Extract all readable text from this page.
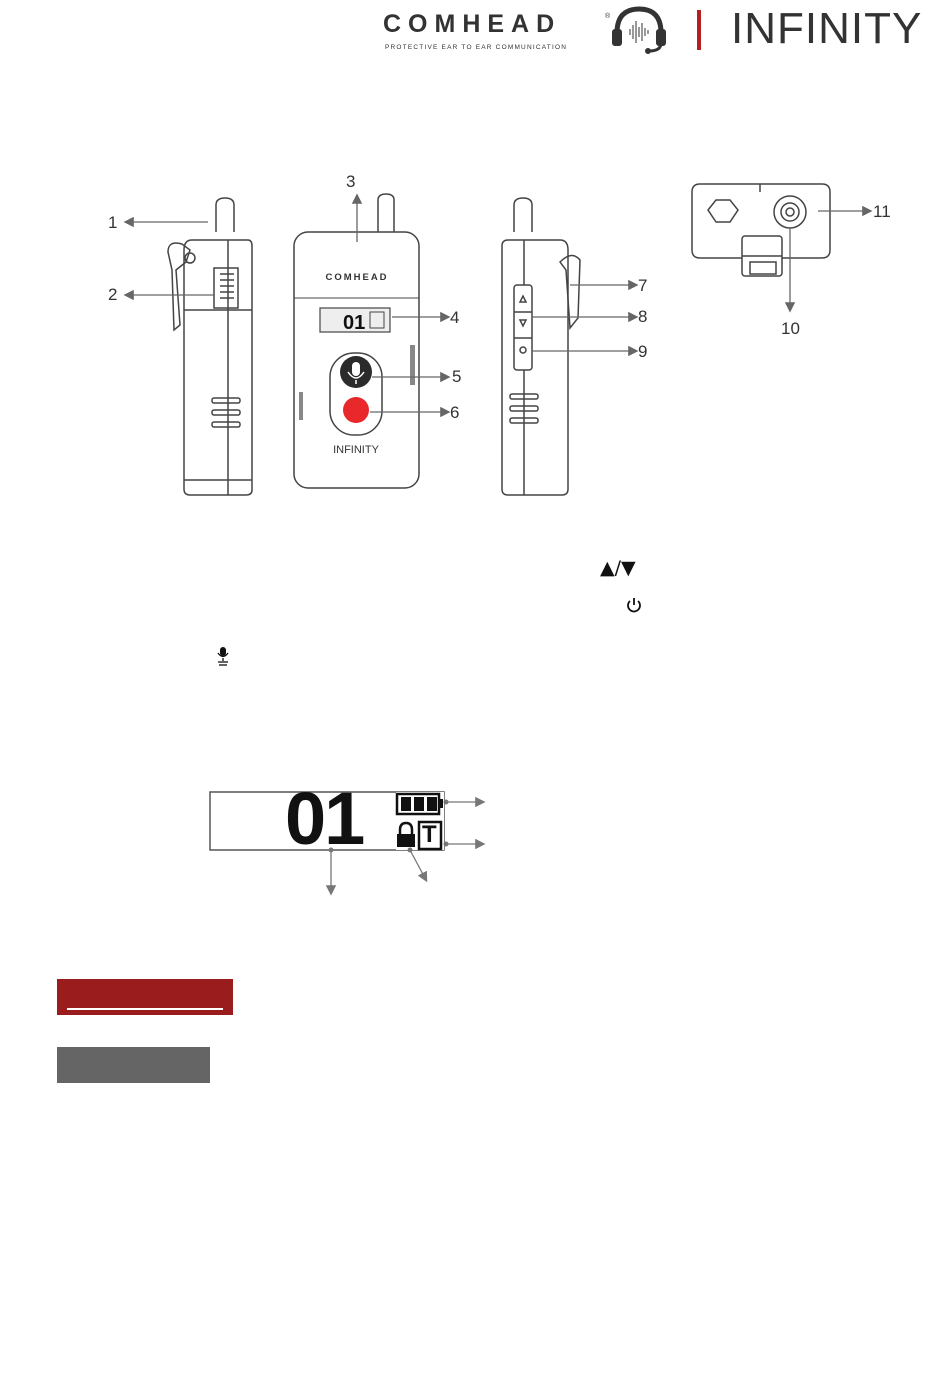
COMHEAD	®
PROTECTIVE EAR TO EAR COMMUNICATION	INFINITY
COMHEAD
INFINITY
01
1
2
3
4
5
6
7
8
9
10
11
▲/▼
01 T
